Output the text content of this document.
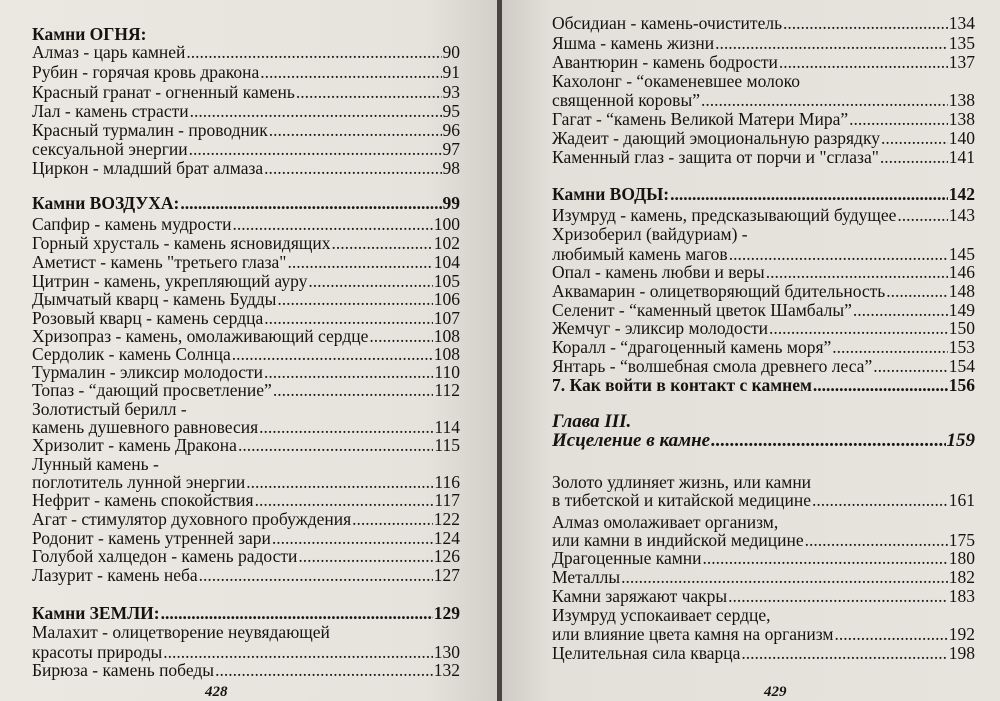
Камни ОГНЯ:
Алмаз - царь камней .....	90
Рубин - горячая кровь дракона .....	91
Красный гранат - огненный камень .....	93
Лал - камень страсти .....	95
Красный турмалин - проводник .....	96
сексуальной энергии .....	97
Циркон - младший брат алмаза .....	98
Камни ВОЗДУХА: .....	99
Сапфир - камень мудрости .....	100
Горный хрусталь - камень ясновидящих .....	102
Аметист - камень "третьего глаза" .....	104
Цитрин - камень, укрепляющий ауру .....	105
Дымчатый кварц - камень Будды .....	106
Розовый кварц - камень сердца .....	107
Хризопраз - камень, омолаживающий сердце .....	108
Сердолик - камень Солнца .....	108
Турмалин - эликсир молодости .....	110
Топаз - “дающий просветление” .....	112
Золотистый берилл -
камень душевного равновесия .....	114
Хризолит - камень Дракона .....	115
Лунный камень -
поглотитель лунной энергии .....	116
Нефрит - камень спокойствия .....	117
Агат - стимулятор духовного пробуждения .....	122
Родонит - камень утренней зари .....	124
Голубой халцедон - камень радости .....	126
Лазурит - камень неба .....	127
Камни ЗЕМЛИ: .....	129
Малахит - олицетворение неувядающей
красоты природы .....	130
Бирюза - камень победы .....	132
428
Обсидиан - камень-очиститель .....	134
Яшма - камень жизни .....	135
Авантюрин - камень бодрости .....	137
Кахолонг - “окаменевшее молоко
священной коровы” .....	138
Гагат - “камень Великой Матери Мира” .....	138
Жадеит - дающий эмоциональную разрядку .....	140
Каменный глаз - защита от порчи и "сглаза" .....	141
Камни ВОДЫ: .....	142
Изумруд - камень, предсказывающий будущее .....	143
Хризоберил (вайдуриам) -
любимый камень магов .....	145
Опал - камень любви и веры .....	146
Аквамарин - олицетворяющий бдительность .....	148
Селенит - “каменный цветок Шамбалы” .....	149
Жемчуг - эликсир молодости .....	150
Коралл - “драгоценный камень моря” .....	153
Янтарь - “волшебная смола древнего леса” .....	154
7. Как войти в контакт с камнем .....	156
Глава III.
Исцеление в камне .....	159
Золото удлиняет жизнь, или камни
в тибетской и китайской медицине .....	161
Алмаз омолаживает организм,
или камни в индийской медицине .....	175
Драгоценные камни .....	180
Металлы .....	182
Камни заряжают чакры .....	183
Изумруд успокаивает сердце,
или влияние цвета камня на организм .....	192
Целительная сила кварца .....	198
429
